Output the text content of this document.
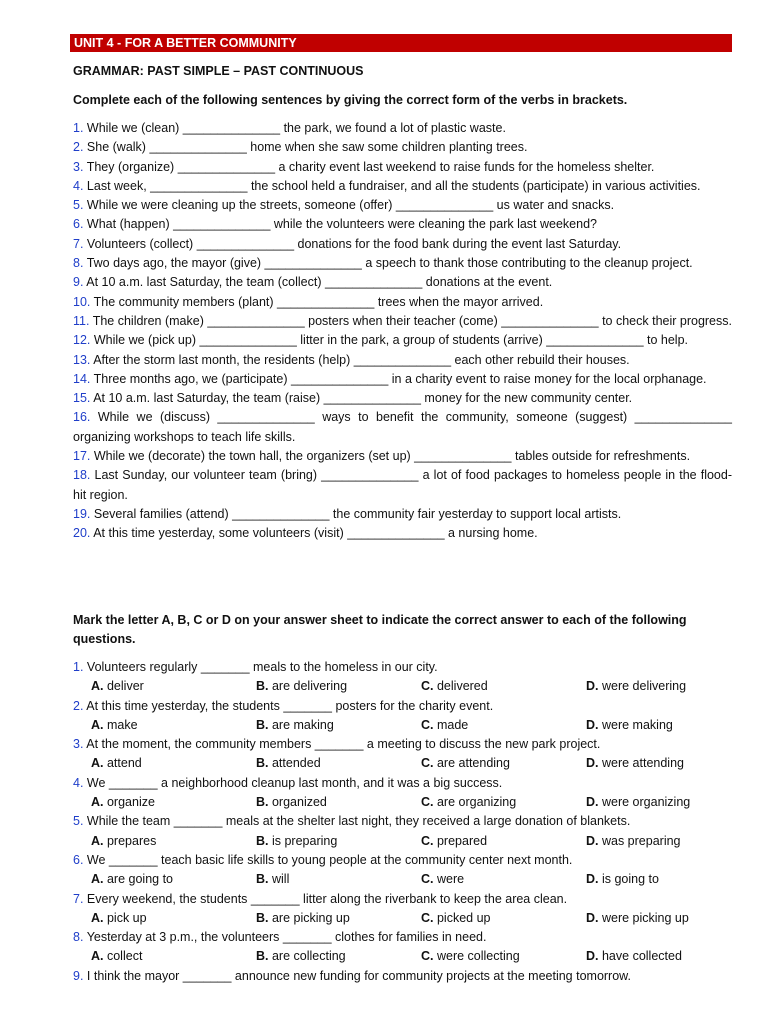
UNIT 4 - FOR A BETTER COMMUNITY
GRAMMAR: PAST SIMPLE – PAST CONTINUOUS
Complete each of the following sentences by giving the correct form of the verbs in brackets.
1. While we (clean) ______________ the park, we found a lot of plastic waste.
2. She (walk) ______________ home when she saw some children planting trees.
3. They (organize) ______________ a charity event last weekend to raise funds for the homeless shelter.
4. Last week, ______________ the school held a fundraiser, and all the students (participate) in various activities.
5. While we were cleaning up the streets, someone (offer) ______________ us water and snacks.
6. What (happen) ______________ while the volunteers were cleaning the park last weekend?
7. Volunteers (collect) ______________ donations for the food bank during the event last Saturday.
8. Two days ago, the mayor (give) ______________ a speech to thank those contributing to the cleanup project.
9. At 10 a.m. last Saturday, the team (collect) ______________ donations at the event.
10. The community members (plant) ______________ trees when the mayor arrived.
11. The children (make) ______________ posters when their teacher (come) ______________ to check their progress.
12. While we (pick up) ______________ litter in the park, a group of students (arrive) ______________ to help.
13. After the storm last month, the residents (help) ______________ each other rebuild their houses.
14. Three months ago, we (participate) ______________ in a charity event to raise money for the local orphanage.
15. At 10 a.m. last Saturday, the team (raise) ______________ money for the new community center.
16. While we (discuss) ______________ ways to benefit the community, someone (suggest) ______________ organizing workshops to teach life skills.
17. While we (decorate) the town hall, the organizers (set up) ______________ tables outside for refreshments.
18. Last Sunday, our volunteer team (bring) ______________ a lot of food packages to homeless people in the flood-hit region.
19. Several families (attend) ______________ the community fair yesterday to support local artists.
20. At this time yesterday, some volunteers (visit) ______________ a nursing home.
Mark the letter A, B, C or D on your answer sheet to indicate the correct answer to each of the following questions.
1. Volunteers regularly _______ meals to the homeless in our city.
A. deliver	B. are delivering	C. delivered	D. were delivering
2. At this time yesterday, the students _______ posters for the charity event.
A. make	B. are making	C. made	D. were making
3. At the moment, the community members _______ a meeting to discuss the new park project.
A. attend	B. attended	C. are attending	D. were attending
4. We _______ a neighborhood cleanup last month, and it was a big success.
A. organize	B. organized	C. are organizing	D. were organizing
5. While the team _______ meals at the shelter last night, they received a large donation of blankets.
A. prepares	B. is preparing	C. prepared	D. was preparing
6. We _______ teach basic life skills to young people at the community center next month.
A. are going to	B. will	C. were	D. is going to
7. Every weekend, the students _______ litter along the riverbank to keep the area clean.
A. pick up	B. are picking up	C. picked up	D. were picking up
8. Yesterday at 3 p.m., the volunteers _______ clothes for families in need.
A. collect	B. are collecting	C. were collecting	D. have collected
9. I think the mayor _______ announce new funding for community projects at the meeting tomorrow.
